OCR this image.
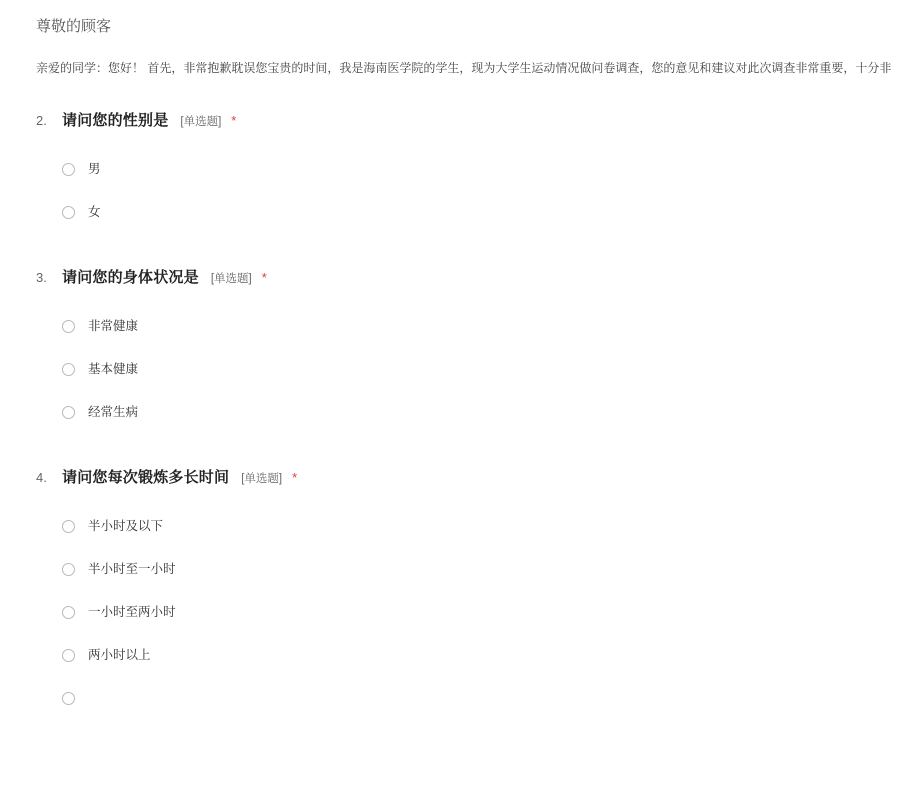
尊敬的顾客
亲爱的同学：您好！ 首先，非常抱歉耽误您宝贵的时间，我是海南医学院的学生，现为大学生运动情况做问卷调查，您的意见和建议对此次调查非常重要，十分非
2.	请问您的性别是 [单选题] *
男
女
3.	请问您的身体状况是 [单选题] *
非常健康
基本健康
经常生病
4.	请问您每次锻炼多长时间 [单选题] *
半小时及以下
半小时至一小时
一小时至两小时
两小时以上
